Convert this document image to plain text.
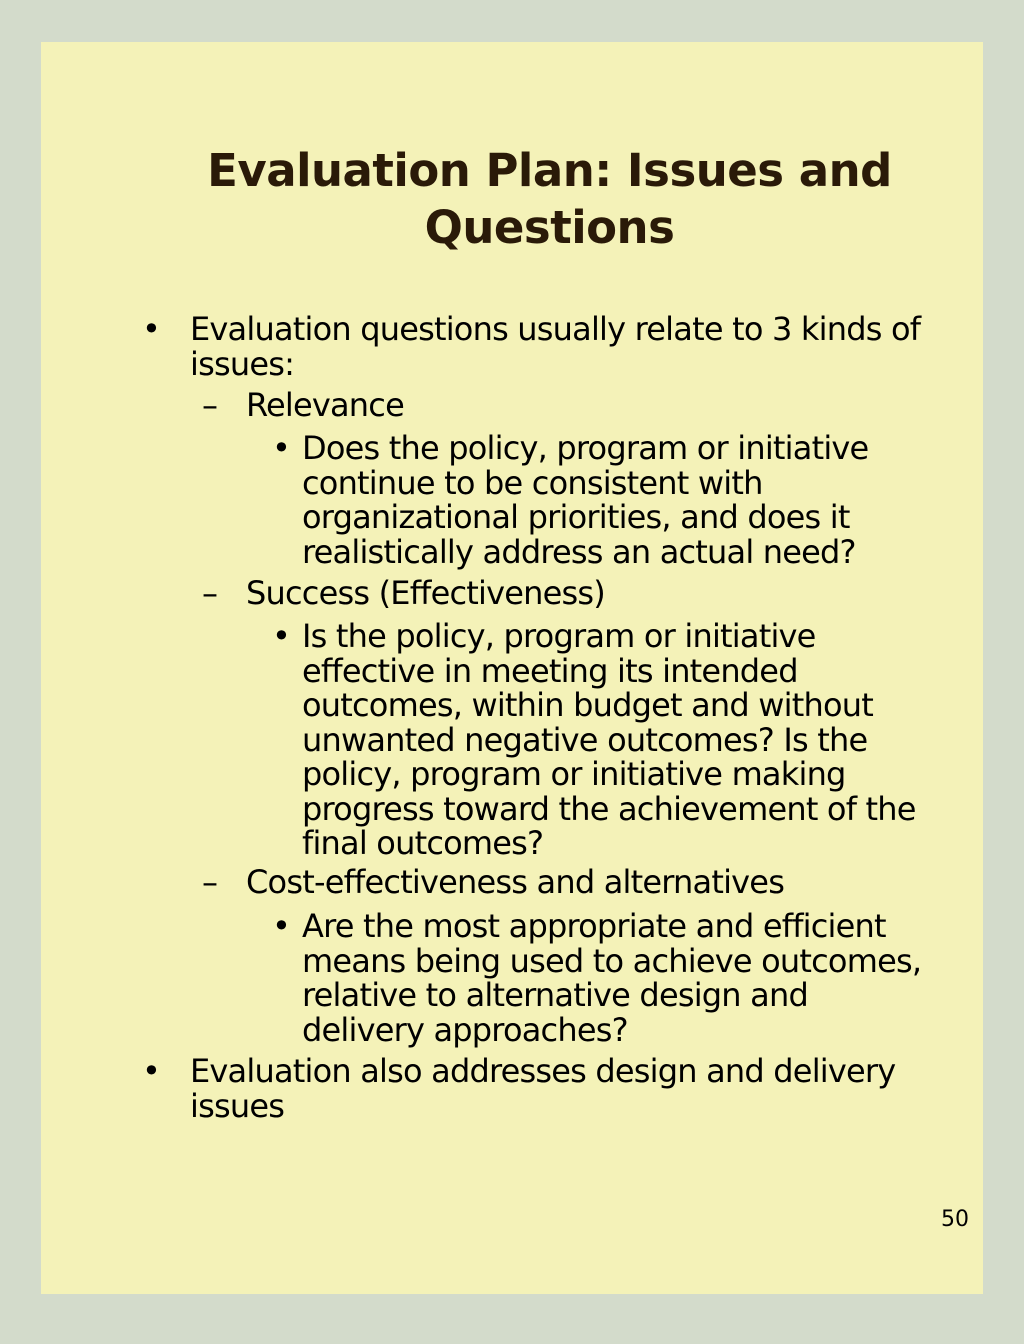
Evaluation Plan: Issues and
Questions
• Evaluation questions usually relate to 3 kinds of issues:
– Relevance
• Does the policy, program or initiative continue to be consistent with organizational priorities, and does it realistically address an actual need?
– Success (Effectiveness)
• Is the policy, program or initiative effective in meeting its intended outcomes, within budget and without unwanted negative outcomes? Is the policy, program or initiative making progress toward the achievement of the final outcomes?
– Cost-effectiveness and alternatives
• Are the most appropriate and efficient means being used to achieve outcomes, relative to alternative design and delivery approaches?
• Evaluation also addresses design and delivery issues
50
